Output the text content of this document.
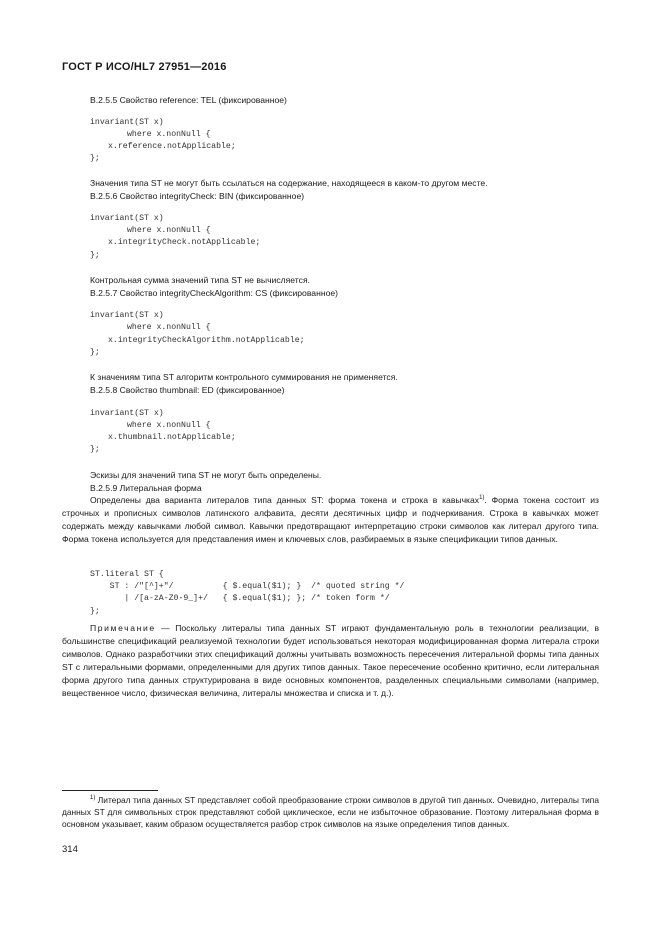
ГОСТ Р ИСО/HL7 27951—2016
B.2.5.5 Свойство reference: TEL (фиксированное)
invariant(ST x)
where x.nonNull {
x.reference.notApplicable;
};
Значения типа ST не могут быть ссылаться на содержание, находящееся в каком-то другом месте.
B.2.5.6 Свойство integrityCheck: BIN (фиксированное)
invariant(ST x)
where x.nonNull {
x.integrityCheck.notApplicable;
};
Контрольная сумма значений типа ST не вычисляется.
B.2.5.7 Свойство integrityCheckAlgorithm: CS (фиксированное)
invariant(ST x)
where x.nonNull {
x.integrityCheckAlgorithm.notApplicable;
};
К значениям типа ST алгоритм контрольного суммирования не применяется.
B.2.5.8 Свойство thumbnail: ED (фиксированное)
invariant(ST x)
where x.nonNull {
x.thumbnail.notApplicable;
};
Эскизы для значений типа ST не могут быть определены.
B.2.5.9 Литеральная форма
Определены два варианта литералов типа данных ST: форма токена и строка в кавычках$^{1)}$. Форма токена состоит из строчных и прописных символов латинского алфавита, десяти десятичных цифр и подчеркивания. Строка в кавычках может содержать между кавычками любой символ. Кавычки предотвращают интерпретацию строки символов как литерал другого типа. Форма токена используется для представления имен и ключевых слов, разбираемых в языке спецификации типов данных.
ST.literal ST {
ST : /"[^]+"/          { $.equal($1); }  /* quoted string */
| /[a-zA-Z0-9_]+/   { $.equal($1); }; /* token form */
};
Примечание — Поскольку литералы типа данных ST играют фундаментальную роль в технологии реализации, в большинстве спецификаций реализуемой технологии будет использоваться некоторая модифицированная форма литерала строки символов. Однако разработчики этих спецификаций должны учитывать возможность пересечения литеральной формы типа данных ST с литеральными формами, определенными для других типов данных. Такое пересечение особенно критично, если литеральная форма другого типа данных структурирована в виде основных компонентов, разделенных специальными символами (например, вещественное число, физическая величина, литералы множества и списка и т. д.).
$^{1)}$ Литерал типа данных ST представляет собой преобразование строки символов в другой тип данных. Очевидно, литералы типа данных ST для символьных строк представляют собой циклическое, если не избыточное образование. Поэтому литеральная форма в основном указывает, каким образом осуществляется разбор строк символов на языке определения типов данных.
314
